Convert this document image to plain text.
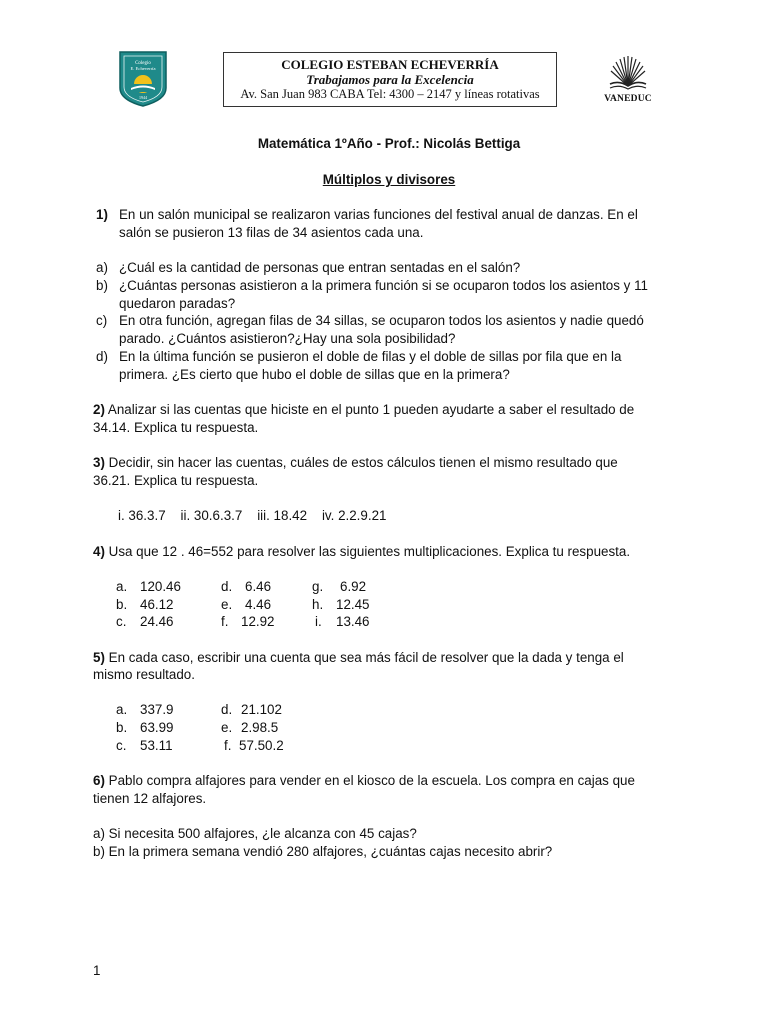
Colegio
E. Echeverría
1944
COLEGIO ESTEBAN ECHEVERRÍA
Trabajamos para la Excelencia
Av. San Juan 983 CABA Tel: 4300 – 2147 y líneas rotativas	VANEDUC
Matemática 1ºAño - Prof.: Nicolás Bettiga
Múltiplos y divisores
1) En un salón municipal se realizaron varias funciones del festival anual de danzas. En el
salón se pusieron 13 filas de 34 asientos cada una.
a) ¿Cuál es la cantidad de personas que entran sentadas en el salón?
b) ¿Cuántas personas asistieron a la primera función si se ocuparon todos los asientos y 11
quedaron paradas?
c) En otra función, agregan filas de 34 sillas, se ocuparon todos los asientos y nadie quedó
parado. ¿Cuántos asistieron?¿Hay una sola posibilidad?
d) En la última función se pusieron el doble de filas y el doble de sillas por fila que en la
primera. ¿Es cierto que hubo el doble de sillas que en la primera?
2) Analizar si las cuentas que hiciste en el punto 1 pueden ayudarte a saber el resultado de
34.14. Explica tu respuesta.
3) Decidir, sin hacer las cuentas, cuáles de estos cálculos tienen el mismo resultado que
36.21. Explica tu respuesta.
i. 36.3.7    ii. 30.6.3.7    iii. 18.42    iv. 2.2.9.21
4) Usa que 12 . 46=552 para resolver las siguientes multiplicaciones. Explica tu respuesta.
a. 120.46
b. 46.12
c. 24.46
d. 6.46
e. 4.46
f. 12.92
g. 6.92
h. 12.45
i. 13.46
5) En cada caso, escribir una cuenta que sea más fácil de resolver que la dada y tenga el
mismo resultado.
a. 337.9
b. 63.99
c. 53.11
d. 21.102
e. 2.98.5
f. 57.50.2
6) Pablo compra alfajores para vender en el kiosco de la escuela. Los compra en cajas que
tienen 12 alfajores.
a) Si necesita 500 alfajores, ¿le alcanza con 45 cajas?
b) En la primera semana vendió 280 alfajores, ¿cuántas cajas necesito abrir?
1
